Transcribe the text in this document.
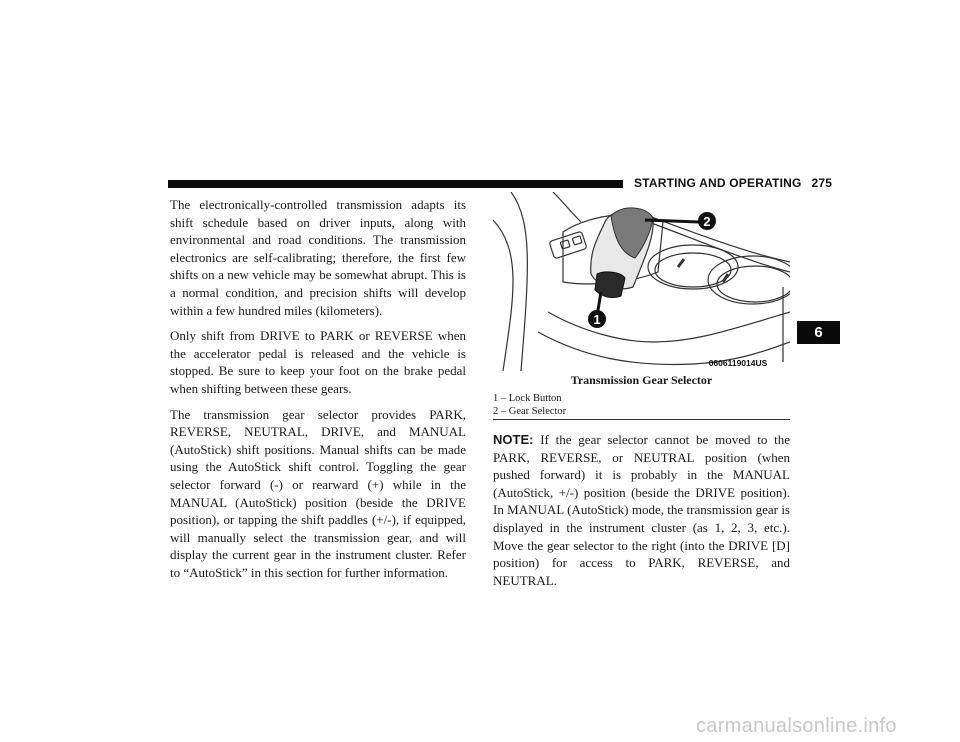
STARTING AND OPERATING 275

The electronically-controlled transmission adapts its shift schedule based on driver inputs, along with environmental and road conditions. The transmission electronics are self-calibrating; therefore, the first few shifts on a new vehicle may be somewhat abrupt. This is a normal condition, and precision shifts will develop within a few hundred miles (kilometers).

Only shift from DRIVE to PARK or REVERSE when the accelerator pedal is released and the vehicle is stopped. Be sure to keep your foot on the brake pedal when shifting between these gears.

The transmission gear selector provides PARK, REVERSE, NEUTRAL, DRIVE, and MANUAL (AutoStick) shift positions. Manual shifts can be made using the AutoStick shift control. Toggling the gear selector forward (-) or rearward (+) while in the MANUAL (AutoStick) position (beside the DRIVE position), or tapping the shift paddles (+/-), if equipped, will manually select the transmission gear, and will display the current gear in the instrument cluster. Refer to “AutoStick” in this section for further information.

1
2
0606119014US
Transmission Gear Selector
1 – Lock Button
2 – Gear Selector
NOTE: If the gear selector cannot be moved to the PARK, REVERSE, or NEUTRAL position (when pushed forward) it is probably in the MANUAL (AutoStick, +/-) position (beside the DRIVE position). In MANUAL (AutoStick) mode, the transmission gear is displayed in the instrument cluster (as 1, 2, 3, etc.). Move the gear selector to the right (into the DRIVE [D] position) for access to PARK, REVERSE, and NEUTRAL.
6
carmanualsonline.info
